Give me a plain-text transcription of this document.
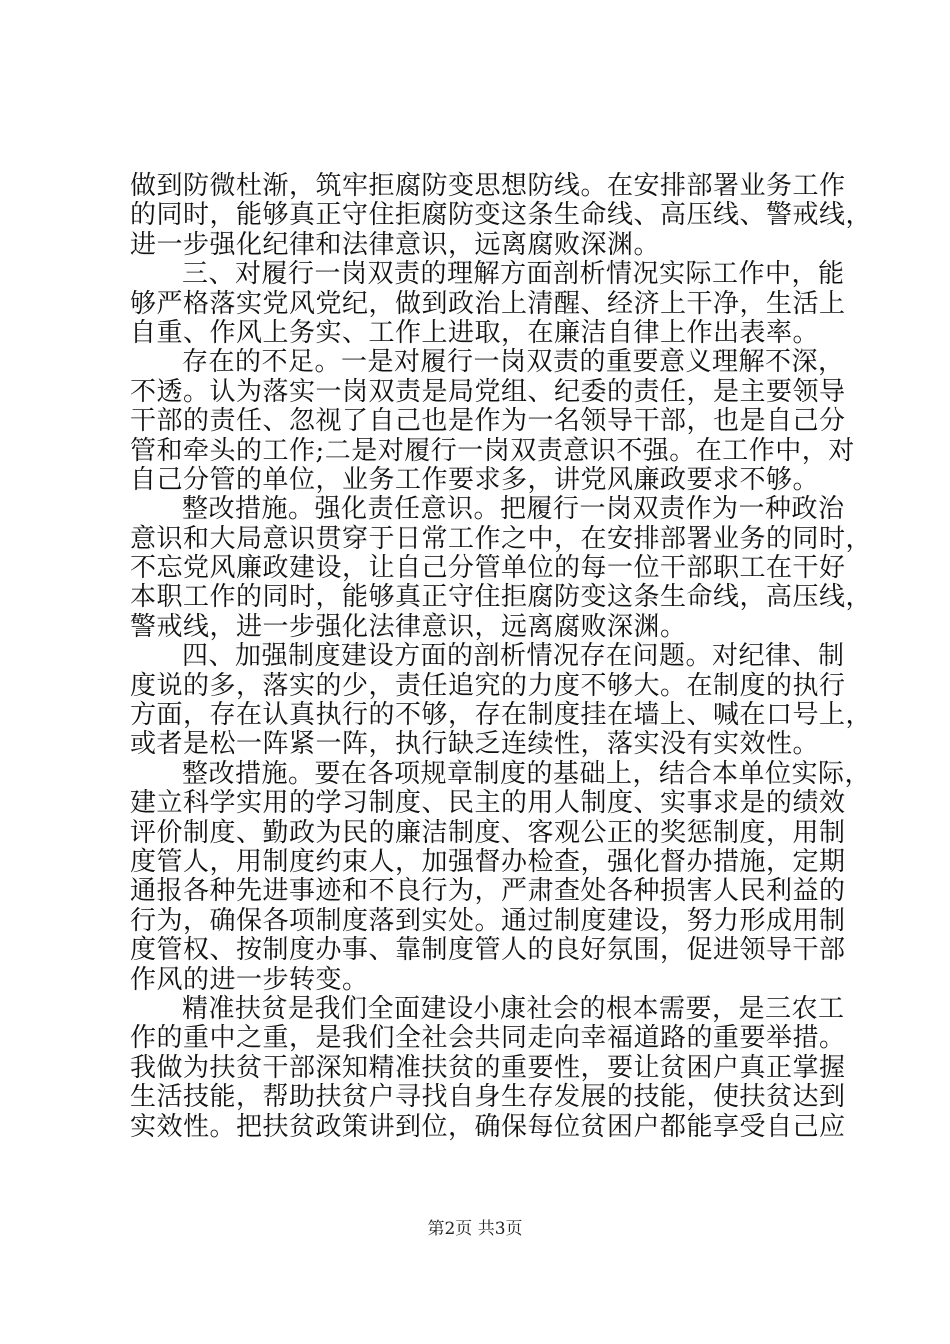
做到防微杜渐，筑牢拒腐防变思想防线。在安排部署业务工作
的同时，能够真正守住拒腐防变这条生命线、高压线、警戒线，
进一步强化纪律和法律意识，远离腐败深渊。
三、对履行一岗双责的理解方面剖析情况实际工作中，能
够严格落实党风党纪，做到政治上清醒、经济上干净，生活上
自重、作风上务实、工作上进取，在廉洁自律上作出表率。
存在的不足。一是对履行一岗双责的重要意义理解不深，
不透。认为落实一岗双责是局党组、纪委的责任，是主要领导
干部的责任、忽视了自己也是作为一名领导干部，也是自己分
管和牵头的工作;二是对履行一岗双责意识不强。在工作中，对
自己分管的单位，业务工作要求多，讲党风廉政要求不够。
整改措施。强化责任意识。把履行一岗双责作为一种政治
意识和大局意识贯穿于日常工作之中，在安排部署业务的同时，
不忘党风廉政建设，让自己分管单位的每一位干部职工在干好
本职工作的同时，能够真正守住拒腐防变这条生命线，高压线，
警戒线，进一步强化法律意识，远离腐败深渊。
四、加强制度建设方面的剖析情况存在问题。对纪律、制
度说的多，落实的少，责任追究的力度不够大。在制度的执行
方面，存在认真执行的不够，存在制度挂在墙上、喊在口号上，
或者是松一阵紧一阵，执行缺乏连续性，落实没有实效性。
整改措施。要在各项规章制度的基础上，结合本单位实际，
建立科学实用的学习制度、民主的用人制度、实事求是的绩效
评价制度、勤政为民的廉洁制度、客观公正的奖惩制度，用制
度管人，用制度约束人，加强督办检查，强化督办措施，定期
通报各种先进事迹和不良行为，严肃查处各种损害人民利益的
行为，确保各项制度落到实处。通过制度建设，努力形成用制
度管权、按制度办事、靠制度管人的良好氛围，促进领导干部
作风的进一步转变。
精准扶贫是我们全面建设小康社会的根本需要，是三农工
作的重中之重，是我们全社会共同走向幸福道路的重要举措。
我做为扶贫干部深知精准扶贫的重要性，要让贫困户真正掌握
生活技能，帮助扶贫户寻找自身生存发展的技能，使扶贫达到
实效性。把扶贫政策讲到位，确保每位贫困户都能享受自己应
第2页 共3页
